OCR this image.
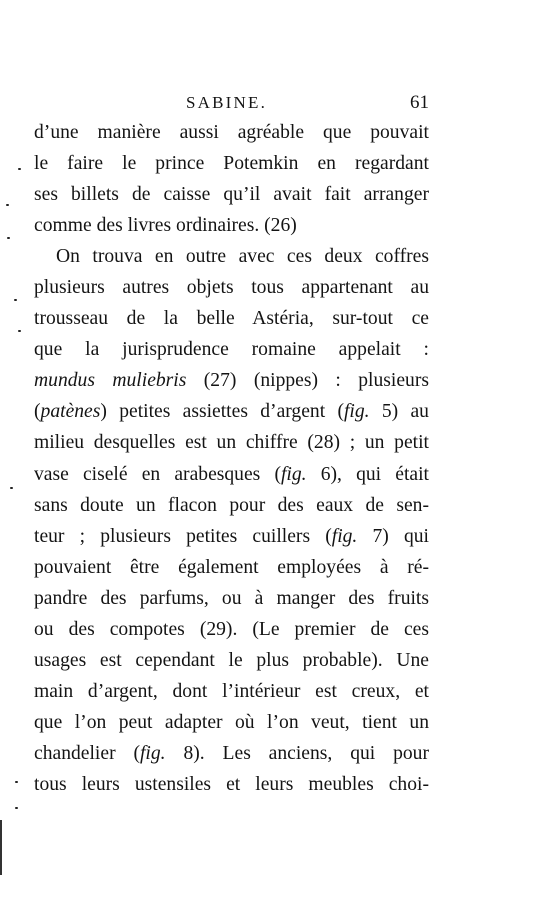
SABINE.	61
d’une manière aussi agréable que pouvait
le faire le prince Potemkin en regardant
ses billets de caisse qu’il avait fait arranger
comme des livres ordinaires. (26)
On trouva en outre avec ces deux coffres
plusieurs autres objets tous appartenant au
trousseau de la belle Astéria, sur-tout ce
que la jurisprudence romaine appelait :
mundus muliebris (27) (nippes) : plusieurs
(patènes) petites assiettes d’argent (fig. 5) au
milieu desquelles est un chiffre (28) ; un petit
vase ciselé en arabesques (fig. 6), qui était
sans doute un flacon pour des eaux de sen-
teur ; plusieurs petites cuillers (fig. 7) qui
pouvaient être également employées à ré-
pandre des parfums, ou à manger des fruits
ou des compotes (29). (Le premier de ces
usages est cependant le plus probable). Une
main d’argent, dont l’intérieur est creux, et
que l’on peut adapter où l’on veut, tient un
chandelier (fig. 8). Les anciens, qui pour
tous leurs ustensiles et leurs meubles choi-
